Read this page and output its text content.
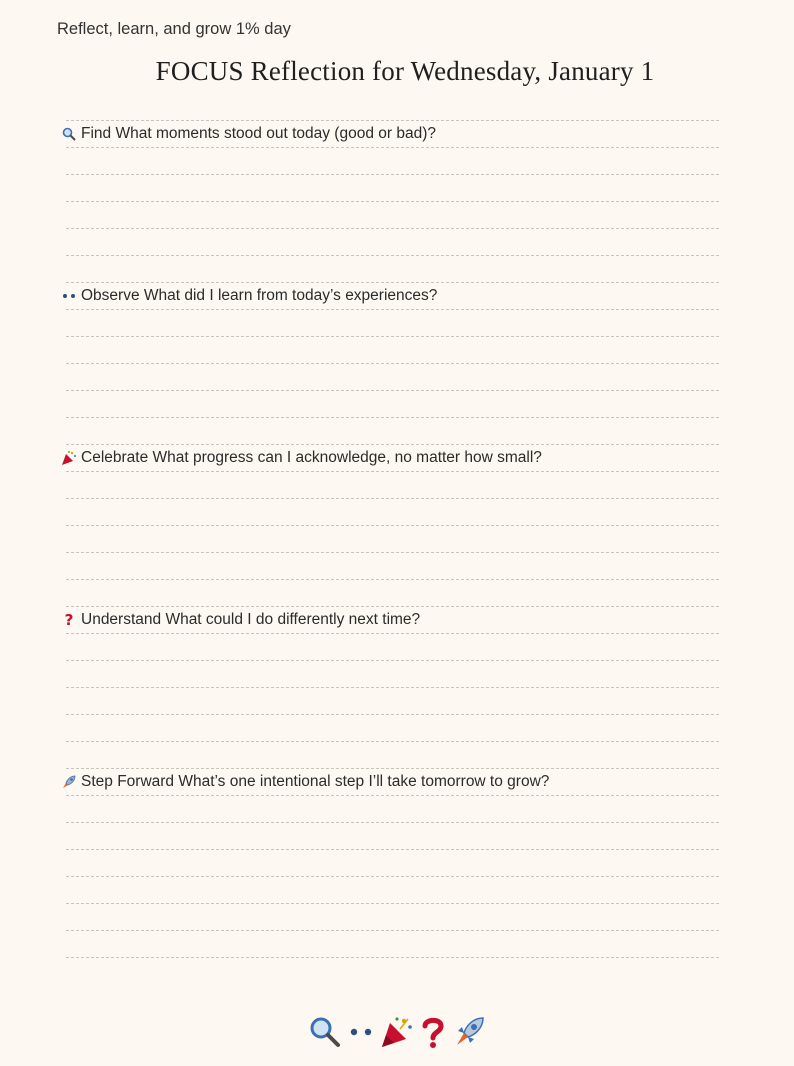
Reflect, learn, and grow 1% day
FOCUS Reflection for Wednesday, January 1
Find What moments stood out today (good or bad)?
Observe What did I learn from today’s experiences?
Celebrate What progress can I acknowledge, no matter how small?
? Understand What could I do differently next time?
Step Forward What’s one intentional step I’ll take tomorrow to grow?
